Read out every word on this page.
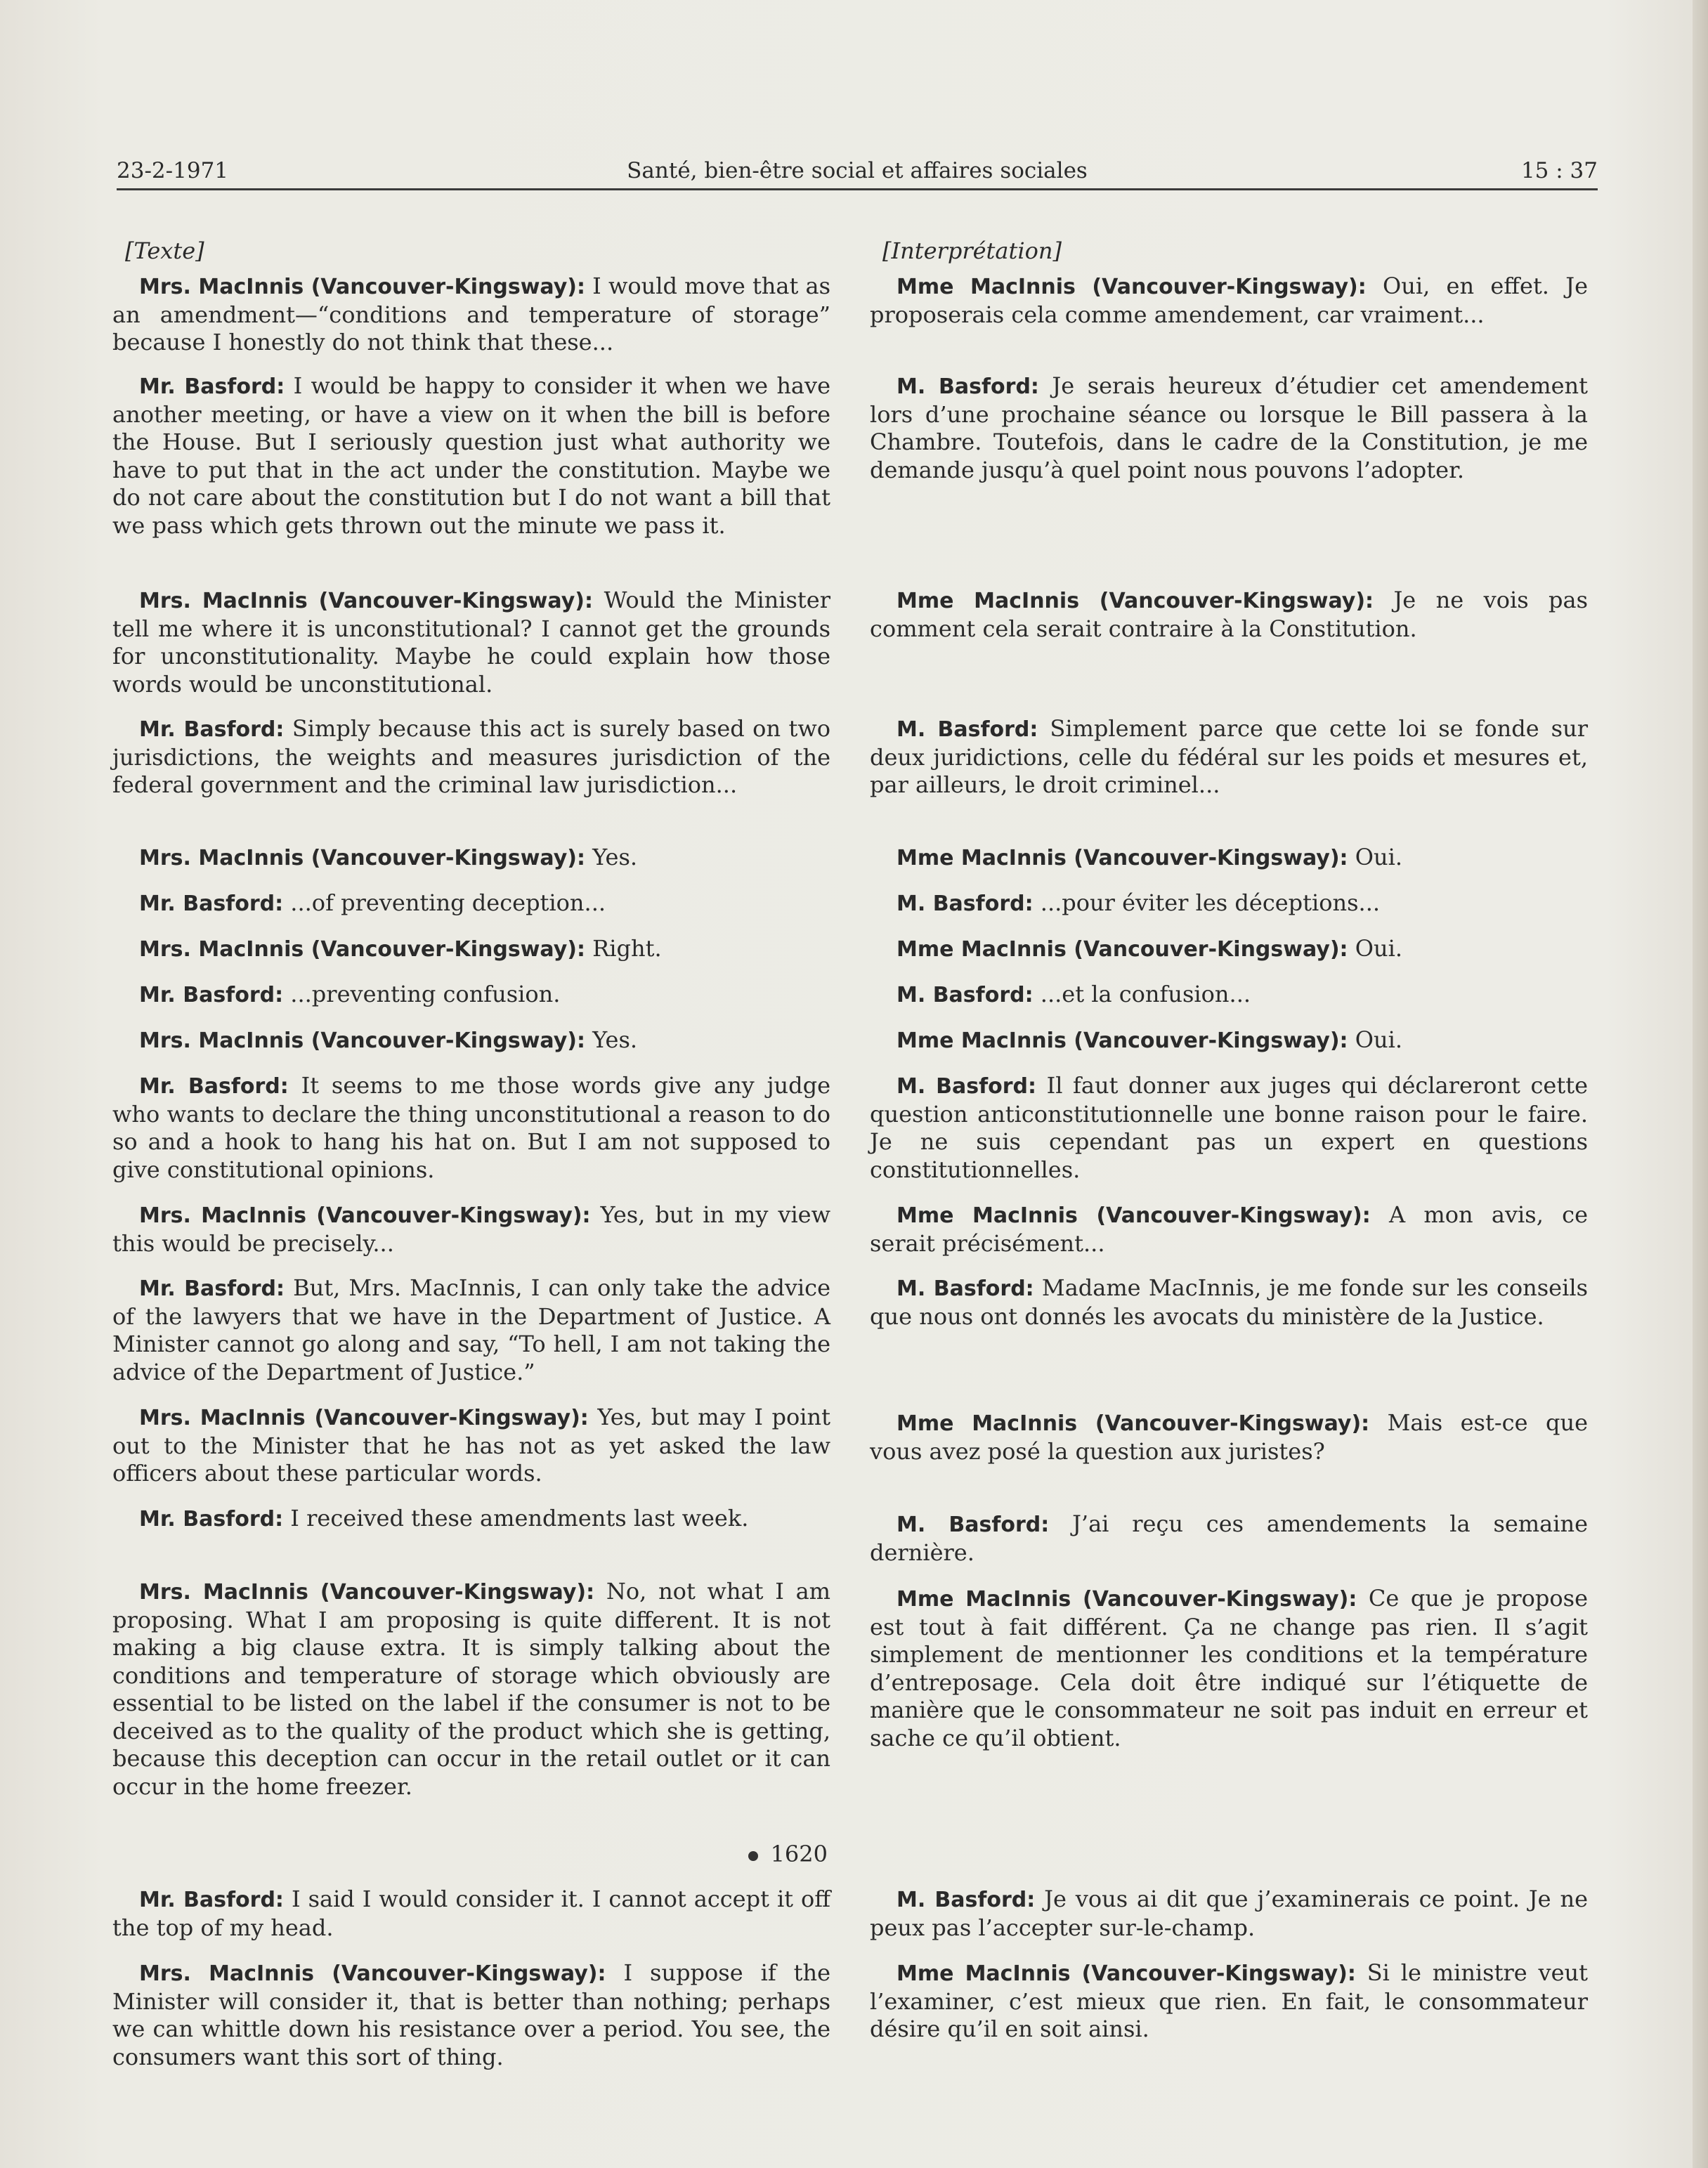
23-2-1971	Santé, bien-être social et affaires sociales	15 : 37
[Texte]

Mrs. MacInnis (Vancouver-Kingsway): I would move that as an amendment—“conditions and temperature of storage” because I honestly do not think that these...

Mr. Basford: I would be happy to consider it when we have another meeting, or have a view on it when the bill is before the House. But I seriously question just what authority we have to put that in the act under the constitution. Maybe we do not care about the constitution but I do not want a bill that we pass which gets thrown out the minute we pass it.

Mrs. MacInnis (Vancouver-Kingsway): Would the Minister tell me where it is unconstitutional? I cannot get the grounds for unconstitutionality. Maybe he could explain how those words would be unconstitutional.

Mr. Basford: Simply because this act is surely based on two jurisdictions, the weights and measures jurisdiction of the federal government and the criminal law jurisdiction...

Mrs. MacInnis (Vancouver-Kingsway): Yes.

Mr. Basford: ...of preventing deception...

Mrs. MacInnis (Vancouver-Kingsway): Right.

Mr. Basford: ...preventing confusion.

Mrs. MacInnis (Vancouver-Kingsway): Yes.

Mr. Basford: It seems to me those words give any judge who wants to declare the thing unconstitutional a reason to do so and a hook to hang his hat on. But I am not supposed to give constitutional opinions.

Mrs. MacInnis (Vancouver-Kingsway): Yes, but in my view this would be precisely...

Mr. Basford: But, Mrs. MacInnis, I can only take the advice of the lawyers that we have in the Department of Justice. A Minister cannot go along and say, “To hell, I am not taking the advice of the Department of Justice.”

Mrs. MacInnis (Vancouver-Kingsway): Yes, but may I point out to the Minister that he has not as yet asked the law officers about these particular words.

Mr. Basford: I received these amendments last week.

Mrs. MacInnis (Vancouver-Kingsway): No, not what I am proposing. What I am proposing is quite different. It is not making a big clause extra. It is simply talking about the conditions and temperature of storage which obviously are essential to be listed on the label if the consumer is not to be deceived as to the quality of the product which she is getting, because this deception can occur in the retail outlet or it can occur in the home freezer.

1620

Mr. Basford: I said I would consider it. I cannot accept it off the top of my head.

Mrs. MacInnis (Vancouver-Kingsway): I suppose if the Minister will consider it, that is better than nothing; perhaps we can whittle down his resistance over a period. You see, the consumers want this sort of thing.

[Interprétation]

Mme MacInnis (Vancouver-Kingsway): Oui, en effet. Je proposerais cela comme amendement, car vraiment...

M. Basford: Je serais heureux d’étudier cet amendement lors d’une prochaine séance ou lorsque le Bill passera à la Chambre. Toutefois, dans le cadre de la Constitution, je me demande jusqu’à quel point nous pouvons l’adopter.

Mme MacInnis (Vancouver-Kingsway): Je ne vois pas comment cela serait contraire à la Constitution.

M. Basford: Simplement parce que cette loi se fonde sur deux juridictions, celle du fédéral sur les poids et mesures et, par ailleurs, le droit criminel...

Mme MacInnis (Vancouver-Kingsway): Oui.

M. Basford: ...pour éviter les déceptions...

Mme MacInnis (Vancouver-Kingsway): Oui.

M. Basford: ...et la confusion...

Mme MacInnis (Vancouver-Kingsway): Oui.

M. Basford: Il faut donner aux juges qui déclareront cette question anticonstitutionnelle une bonne raison pour le faire. Je ne suis cependant pas un expert en questions constitutionnelles.

Mme MacInnis (Vancouver-Kingsway): A mon avis, ce serait précisément...

M. Basford: Madame MacInnis, je me fonde sur les conseils que nous ont donnés les avocats du ministère de la Justice.

Mme MacInnis (Vancouver-Kingsway): Mais est-ce que vous avez posé la question aux juristes?

M. Basford: J’ai reçu ces amendements la semaine dernière.

Mme MacInnis (Vancouver-Kingsway): Ce que je propose est tout à fait différent. Ça ne change pas rien. Il s’agit simplement de mentionner les conditions et la température d’entreposage. Cela doit être indiqué sur l’étiquette de manière que le consommateur ne soit pas induit en erreur et sache ce qu’il obtient.

M. Basford: Je vous ai dit que j’examinerais ce point. Je ne peux pas l’accepter sur-le-champ.

Mme MacInnis (Vancouver-Kingsway): Si le ministre veut l’examiner, c’est mieux que rien. En fait, le consommateur désire qu’il en soit ainsi.
